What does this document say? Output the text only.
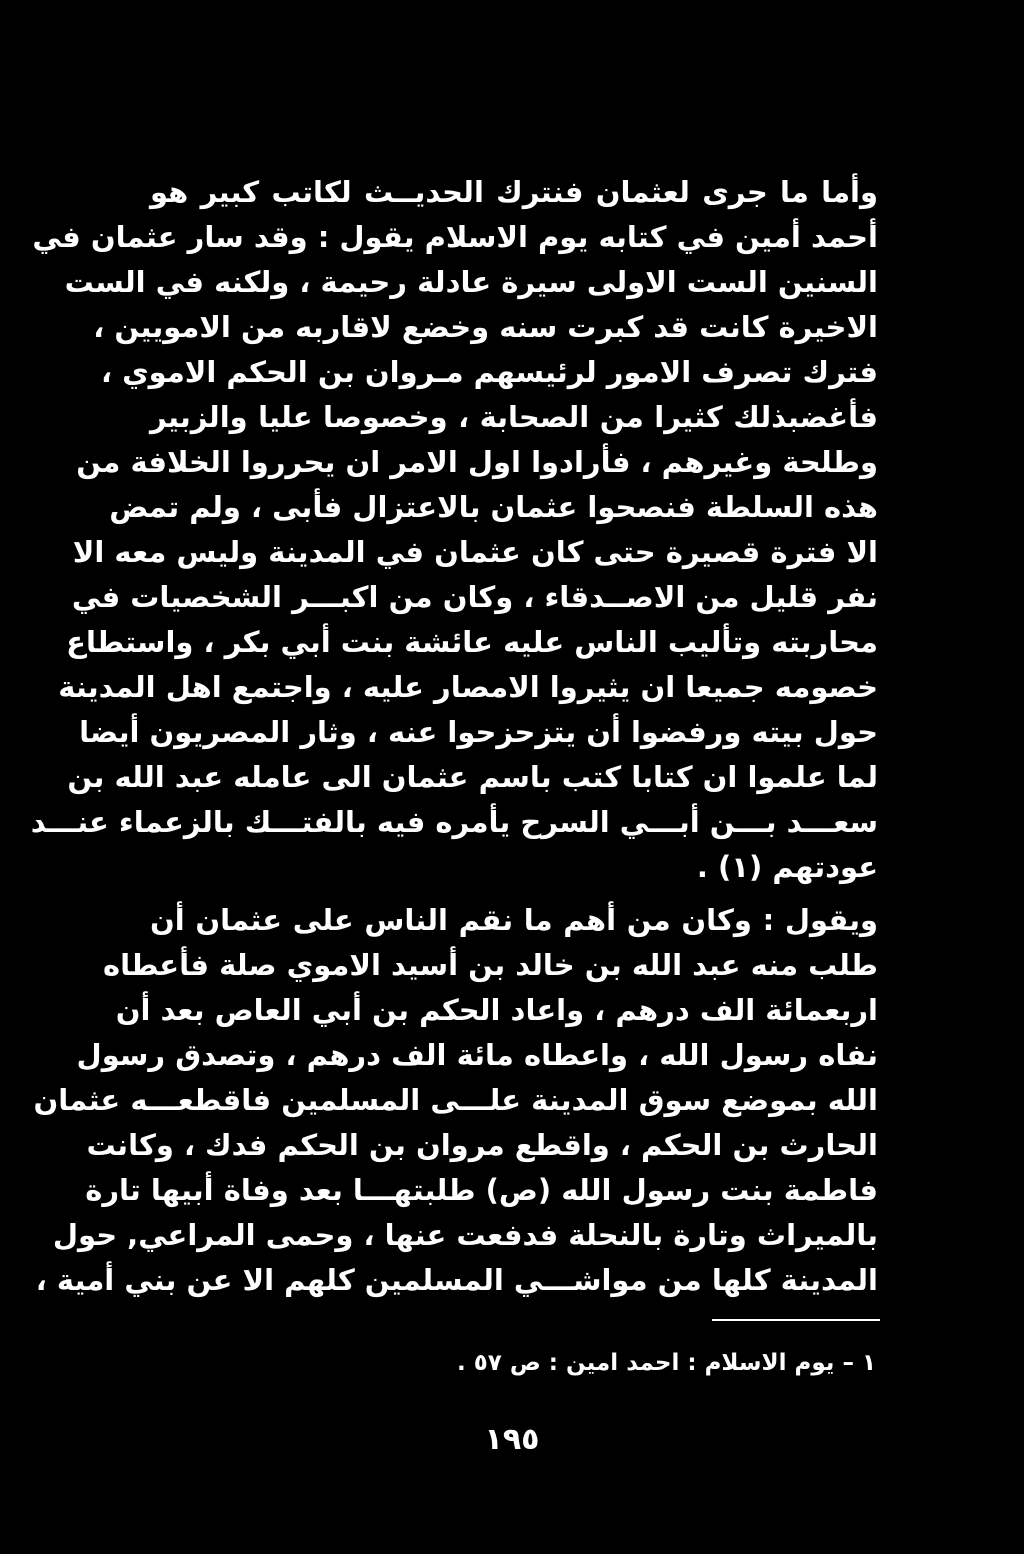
وأما ما جرى لعثمان فنترك الحديــث لكاتب كبير هو
أحمد أمين في كتابه يوم الاسلام يقول : وقد سار عثمان في
السنين الست الاولى سيرة عادلة رحيمة ، ولكنه في الست
الاخيرة كانت قد كبرت سنه وخضع لاقاربه من الامويين ،
فترك تصرف الامور لرئيسهم مـروان بن الحكم الاموي ،
فأغضبذلك كثيرا من الصحابة ، وخصوصا عليا والزبير
وطلحة وغيرهم ، فأرادوا اول الامر ان يحرروا الخلافة من
هذه السلطة فنصحوا عثمان بالاعتزال فأبى ، ولم تمض
الا فترة قصيرة حتى كان عثمان في المدينة وليس معه الا
نفر قليل من الاصــدقاء ، وكان من اكبـــر الشخصيات في
محاربته وتأليب الناس عليه عائشة بنت أبي بكر ، واستطاع
خصومه جميعا ان يثيروا الامصار عليه ، واجتمع اهل المدينة
حول بيته ورفضوا أن يتزحزحوا عنه ، وثار المصريون أيضا
لما علموا ان كتابا كتب باسم عثمان الى عامله عبد الله بن
سعـــد بـــن أبـــي السرح يأمره فيه بالفتـــك بالزعماء عنـــد
عودتهم (١) .
ويقول : وكان من أهم ما نقم الناس على عثمان أن
طلب منه عبد الله بن خالد بن أسيد الاموي صلة فأعطاه
اربعمائة الف درهم ، واعاد الحكم بن أبي العاص بعد أن
نفاه رسول الله ، واعطاه مائة الف درهم ، وتصدق رسول
الله بموضع سوق المدينة علـــى المسلمين فاقطعـــه عثمان
الحارث بن الحكم ، واقطع مروان بن الحكم فدك ، وكانت
فاطمة بنت رسول الله (ص) طلبتهـــا بعد وفاة أبيها تارة
بالميراث وتارة بالنحلة فدفعت عنها ، وحمى المراعي, حول
المدينة كلها من مواشـــي المسلمين كلهم الا عن بني أمية ،
١ – يوم الاسلام : احمد امين : ص ٥٧ .
١٩٥
